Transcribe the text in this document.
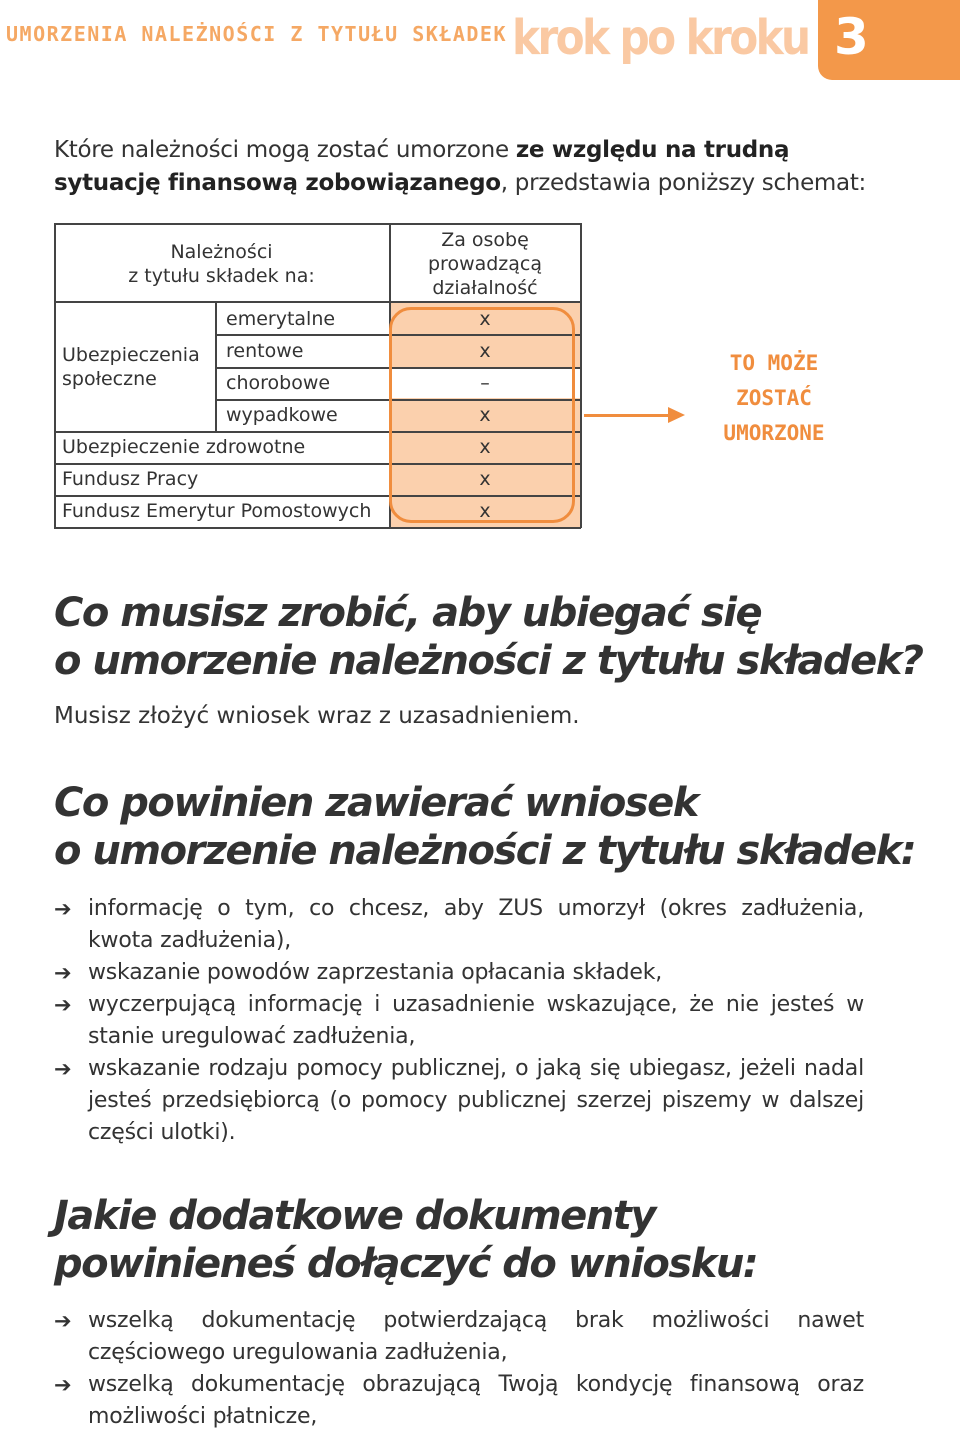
UMORZENIA NALEŻNOŚCI Z TYTUŁU SKŁADEK krok po kroku 3
Które należności mogą zostać umorzone ze względu na trudną sytuację finansową zobowiązanego, przedstawia poniższy schemat:
Należności
z tytułu składek na:
Za osobę
prowadzącą
działalność
Ubezpieczenia
społeczne
emerytalne
rentowe
chorobowe
wypadkowe
Ubezpieczenie zdrowotne
Fundusz Pracy
Fundusz Emerytur Pomostowych
x
x
–
x
x
x
x
TO MOŻE
ZOSTAĆ
UMORZONE
Co musisz zrobić, aby ubiegać się
o umorzenie należności z tytułu składek?
Musisz złożyć wniosek wraz z uzasadnieniem.
Co powinien zawierać wniosek
o umorzenie należności z tytułu składek:
➔ informację o tym, co chcesz, aby ZUS umorzył (okres zadłużenia, kwota zadłużenia),
➔ wskazanie powodów zaprzestania opłacania składek,
➔ wyczerpującą informację i uzasadnienie wskazujące, że nie jesteś w stanie uregulować zadłużenia,
➔ wskazanie rodzaju pomocy publicznej, o jaką się ubiegasz, jeżeli nadal jesteś przedsiębiorcą (o pomocy publicznej szerzej piszemy w dalszej części ulotki).
Jakie dodatkowe dokumenty
powinieneś dołączyć do wniosku:
➔ wszelką dokumentację potwierdzającą brak możliwości nawet częściowego uregulowania zadłużenia,
➔ wszelką dokumentację obrazującą Twoją kondycję finansową oraz możliwości płatnicze,
